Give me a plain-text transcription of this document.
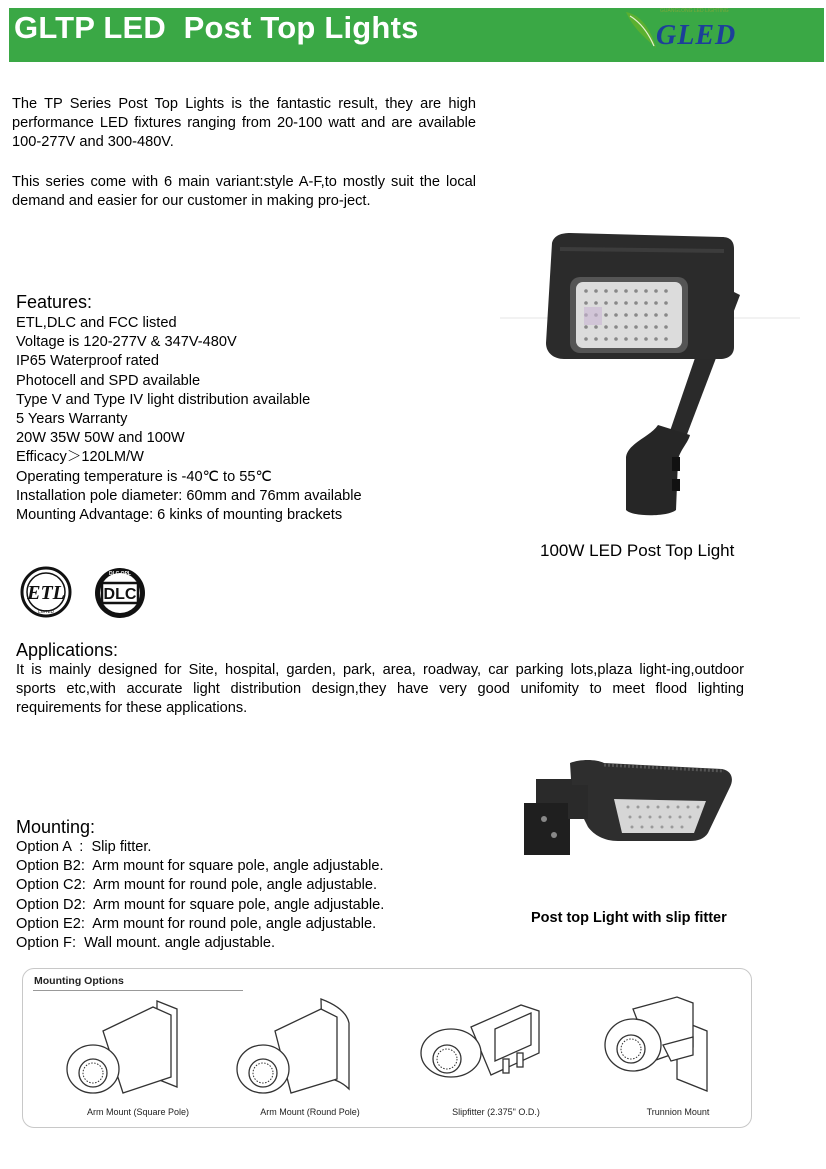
GLTP LED  Post Top Lights	GUANGLONG LED LIGHTING
GLED
The TP Series Post Top Lights is the fantastic result, they are high performance LED fixtures ranging from 20-100 watt and are available 100-277V and 300-480V.
This series come with 6 main variant:style A-F,to mostly suit the local demand and easier for our customer in making pro-ject.
Features:
ETL,DLC and FCC listed
Voltage is 120-277V & 347V-480V
IP65 Waterproof rated
Photocell and SPD available
Type V and Type IV light distribution available
5 Years Warranty
20W 35W 50W and 100W
Efficacy＞120LM/W
Operating temperature is -40℃ to 55℃
Installation pole diameter: 60mm and 76mm available
Mounting Advantage: 6 kinks of mounting brackets
100W LED Post Top Light
ETL
LISTED
DLC QPL
DLC
Applications:
It is mainly designed for Site, hospital, garden, park, area, roadway, car parking lots,plaza light-ing,outdoor sports etc,with accurate light distribution design,they have very good unifomity to meet flood lighting requirements for these applications.
Post top Light with slip fitter
Mounting:
Option A  :  Slip fitter.
Option B2:  Arm mount for square pole, angle adjustable.
Option C2:  Arm mount for round pole, angle adjustable.
Option D2:  Arm mount for square pole, angle adjustable.
Option E2:  Arm mount for round pole, angle adjustable.
Option F:  Wall mount. angle adjustable.
Mounting Options
Arm Mount (Square Pole)	Arm Mount (Round Pole)	Slipfitter (2.375" O.D.)	Trunnion Mount
